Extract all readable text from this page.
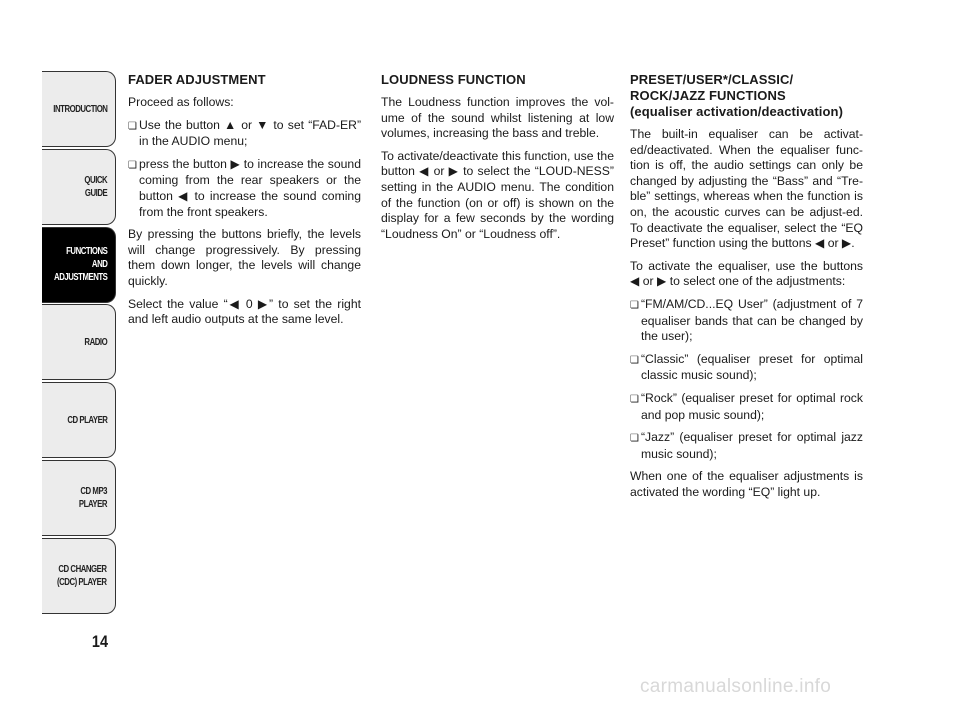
INTRODUCTION
QUICK
GUIDE
FUNCTIONS
AND
ADJUSTMENTS
RADIO
CD PLAYER
CD MP3
PLAYER
CD CHANGER
(CDC) PLAYER
14
FADER ADJUSTMENT

Proceed as follows:

❏ Use the button ▲ or ▼ to set “FAD-ER” in the AUDIO menu;

❏ press the button ▶ to increase the sound coming from the rear speakers or the button ◀ to increase the sound coming from the front speakers.

By pressing the buttons briefly, the levels will change progressively. By pressing them down longer, the levels will change quickly.

Select the value “◀ 0 ▶” to set the right and left audio outputs at the same level.

LOUDNESS FUNCTION

The Loudness function improves the vol-ume of the sound whilst listening at low volumes, increasing the bass and treble.

To activate/deactivate this function, use the button ◀ or ▶ to select the “LOUD-NESS” setting in the AUDIO menu. The condition of the function (on or off) is shown on the display for a few seconds by the wording “Loudness On” or “Loudness off”.

PRESET/USER*/CLASSIC/
ROCK/JAZZ FUNCTIONS
(equaliser activation/deactivation)

The built-in equaliser can be activat-ed/deactivated. When the equaliser func-tion is off, the audio settings can only be changed by adjusting the “Bass” and “Tre-ble” settings, whereas when the function is on, the acoustic curves can be adjust-ed. To deactivate the equaliser, select the “EQ Preset” function using the buttons ◀ or ▶.

To activate the equaliser, use the buttons ◀ or ▶ to select one of the adjustments:

❏ “FM/AM/CD...EQ User” (adjustment of 7 equaliser bands that can be changed by the user);

❏ “Classic” (equaliser preset for optimal classic music sound);

❏ “Rock” (equaliser preset for optimal rock and pop music sound);

❏ “Jazz” (equaliser preset for optimal jazz music sound);

When one of the equaliser adjustments is activated the wording “EQ” light up.

carmanualsonline.info
